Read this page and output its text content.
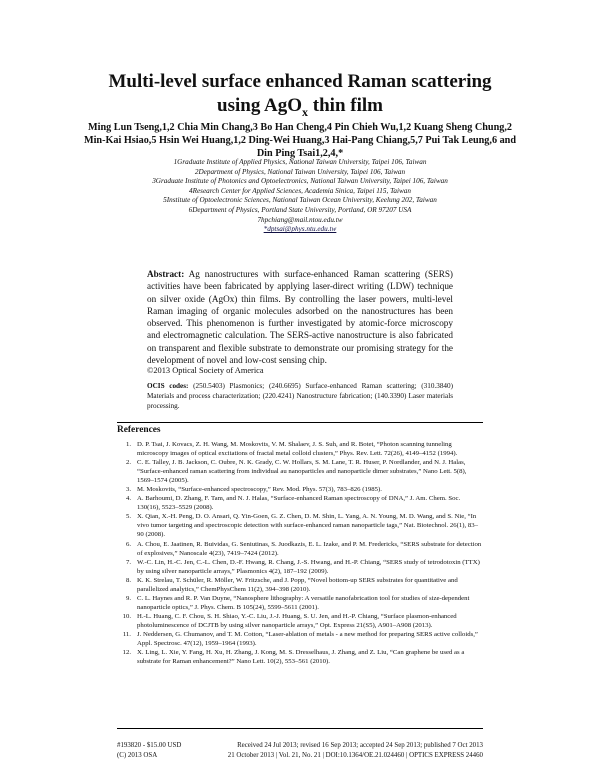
Multi-level surface enhanced Raman scattering
using AgO$_x$ thin film

Ming Lun Tseng,1,2 Chia Min Chang,3 Bo Han Cheng,4 Pin Chieh Wu,1,2 Kuang Sheng Chung,2 Min-Kai Hsiao,5 Hsin Wei Huang,1,2 Ding-Wei Huang,3 Hai-Pang Chiang,5,7 Pui Tak Leung,6 and Din Ping Tsai1,2,4,*

1Graduate Institute of Applied Physics, National Taiwan University, Taipei 106, Taiwan
2Department of Physics, National Taiwan University, Taipei 106, Taiwan
3Graduate Institute of Photonics and Optoelectronics, National Taiwan University, Taipei 106, Taiwan
4Research Center for Applied Sciences, Academia Sinica, Taipei 115, Taiwan
5Institute of Optoelectronic Sciences, National Taiwan Ocean University, Keelung 202, Taiwan
6Department of Physics, Portland State University, Portland, OR 97207 USA
7hpchiang@mail.ntou.edu.tw
*dptsai@phys.ntu.edu.tw

Abstract: Ag nanostructures with surface-enhanced Raman scattering (SERS) activities have been fabricated by applying laser-direct writing (LDW) technique on silver oxide (AgOx) thin films. By controlling the laser powers, multi-level Raman imaging of organic molecules adsorbed on the nanostructures has been observed. This phenomenon is further investigated by atomic-force microscopy and electromagnetic calculation. The SERS-active nanostructure is also fabricated on transparent and flexible substrate to demonstrate our promising strategy for the development of novel and low-cost sensing chip.

©2013 Optical Society of America

OCIS codes: (250.5403) Plasmonics; (240.6695) Surface-enhanced Raman scattering; (310.3840) Materials and process characterization; (220.4241) Nanostructure fabrication; (140.3390) Laser materials processing.

References
1. D. P. Tsai, J. Kovacs, Z. H. Wang, M. Moskovits, V. M. Shalaev, J. S. Suh, and R. Botet, “Photon scanning tunneling microscopy images of optical excitations of fractal metal colloid clusters,” Phys. Rev. Lett. 72(26), 4149–4152 (1994).
2. C. E. Talley, J. B. Jackson, C. Oubre, N. K. Grady, C. W. Hollars, S. M. Lane, T. R. Huser, P. Nordlander, and N. J. Halas, “Surface-enhanced raman scattering from individual au nanoparticles and nanoparticle dimer substrates,” Nano Lett. 5(8), 1569–1574 (2005).
3. M. Moskovits, “Surface-enhanced spectroscopy,” Rev. Mod. Phys. 57(3), 783–826 (1985).
4. A. Barhoumi, D. Zhang, F. Tam, and N. J. Halas, “Surface-enhanced Raman spectroscopy of DNA,” J. Am. Chem. Soc. 130(16), 5523–5529 (2008).
5. X. Qian, X.-H. Peng, D. O. Ansari, Q. Yin-Goen, G. Z. Chen, D. M. Shin, L. Yang, A. N. Young, M. D. Wang, and S. Nie, “In vivo tumor targeting and spectroscopic detection with surface-enhanced raman nanoparticle tags,” Nat. Biotechnol. 26(1), 83–90 (2008).
6. A. Chou, E. Jaatinen, R. Buividas, G. Seniutinas, S. Juodkazis, E. L. Izake, and P. M. Fredericks, “SERS substrate for detection of explosives,” Nanoscale 4(23), 7419–7424 (2012).
7. W.-C. Lin, H.-C. Jen, C.-L. Chen, D.-F. Hwang, R. Chang, J.-S. Hwang, and H.-P. Chiang, “SERS study of tetrodotoxin (TTX) by using silver nanoparticle arrays,” Plasmonics 4(2), 187–192 (2009).
8. K. K. Strelau, T. Schüler, R. Möller, W. Fritzsche, and J. Popp, “Novel bottom-up SERS substrates for quantitative and parallelized analytics,” ChemPhysChem 11(2), 394–398 (2010).
9. C. L. Haynes and R. P. Van Duyne, “Nanosphere lithography: A versatile nanofabrication tool for studies of size-dependent nanoparticle optics,” J. Phys. Chem. B 105(24), 5599–5611 (2001).
10. H.-L. Huang, C. F. Chou, S. H. Shiao, Y.-C. Liu, J.-J. Huang, S. U. Jen, and H.-P. Chiang, “Surface plasmon-enhanced photoluminescence of DCJTB by using silver nanoparticle arrays,” Opt. Express 21(S5), A901–A908 (2013).
11. J. Neddersen, G. Chumanov, and T. M. Cotton, “Laser-ablation of metals - a new method for preparing SERS active colloids,” Appl. Spectrosc. 47(12), 1959–1964 (1993).
12. X. Ling, L. Xie, Y. Fang, H. Xu, H. Zhang, J. Kong, M. S. Dresselhaus, J. Zhang, and Z. Liu, “Can graphene be used as a substrate for Raman enhancement?” Nano Lett. 10(2), 553–561 (2010).
#193820 - $15.00 USD	Received 24 Jul 2013; revised 16 Sep 2013; accepted 24 Sep 2013; published 7 Oct 2013
(C) 2013 OSA	21 October 2013 | Vol. 21, No. 21 | DOI:10.1364/OE.21.024460 | OPTICS EXPRESS 24460
